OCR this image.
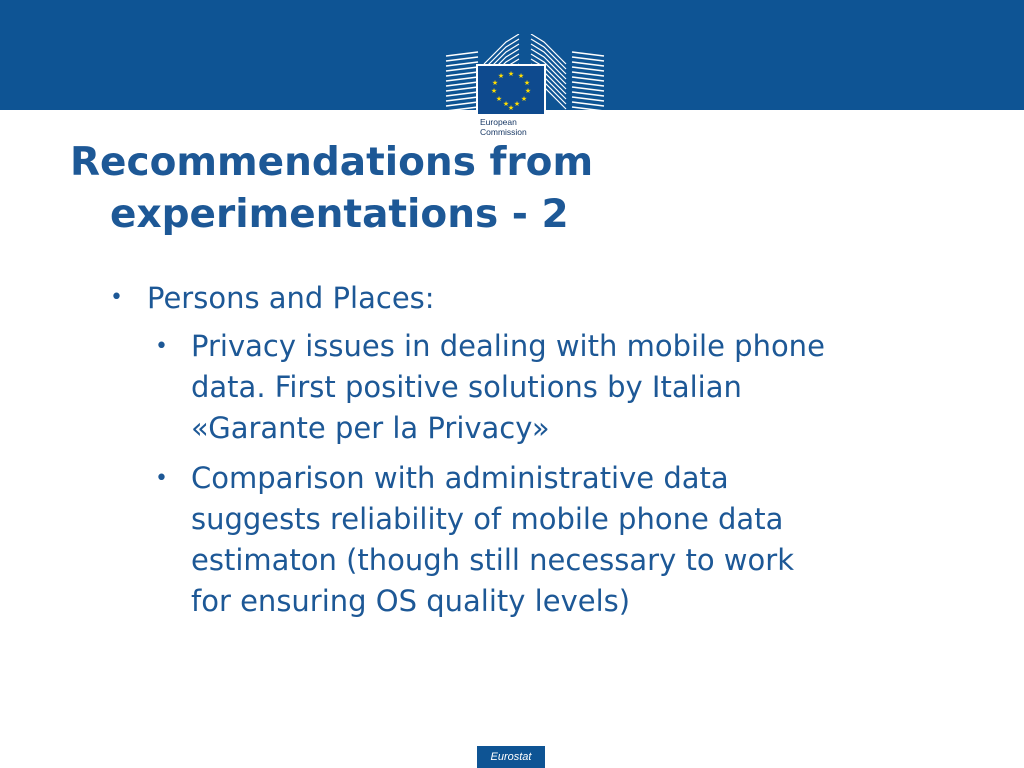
★ ★
★
★
★
★
★
★
★
★
★
★
European
Commission
Recommendations from
experimentations - 2
• Persons and Places:
• Privacy issues in dealing with mobile phone
data. First positive solutions by Italian
«Garante per la Privacy»
• Comparison with administrative data
suggests reliability of mobile phone data
estimaton (though still necessary to work
for ensuring OS quality levels)
Eurostat
